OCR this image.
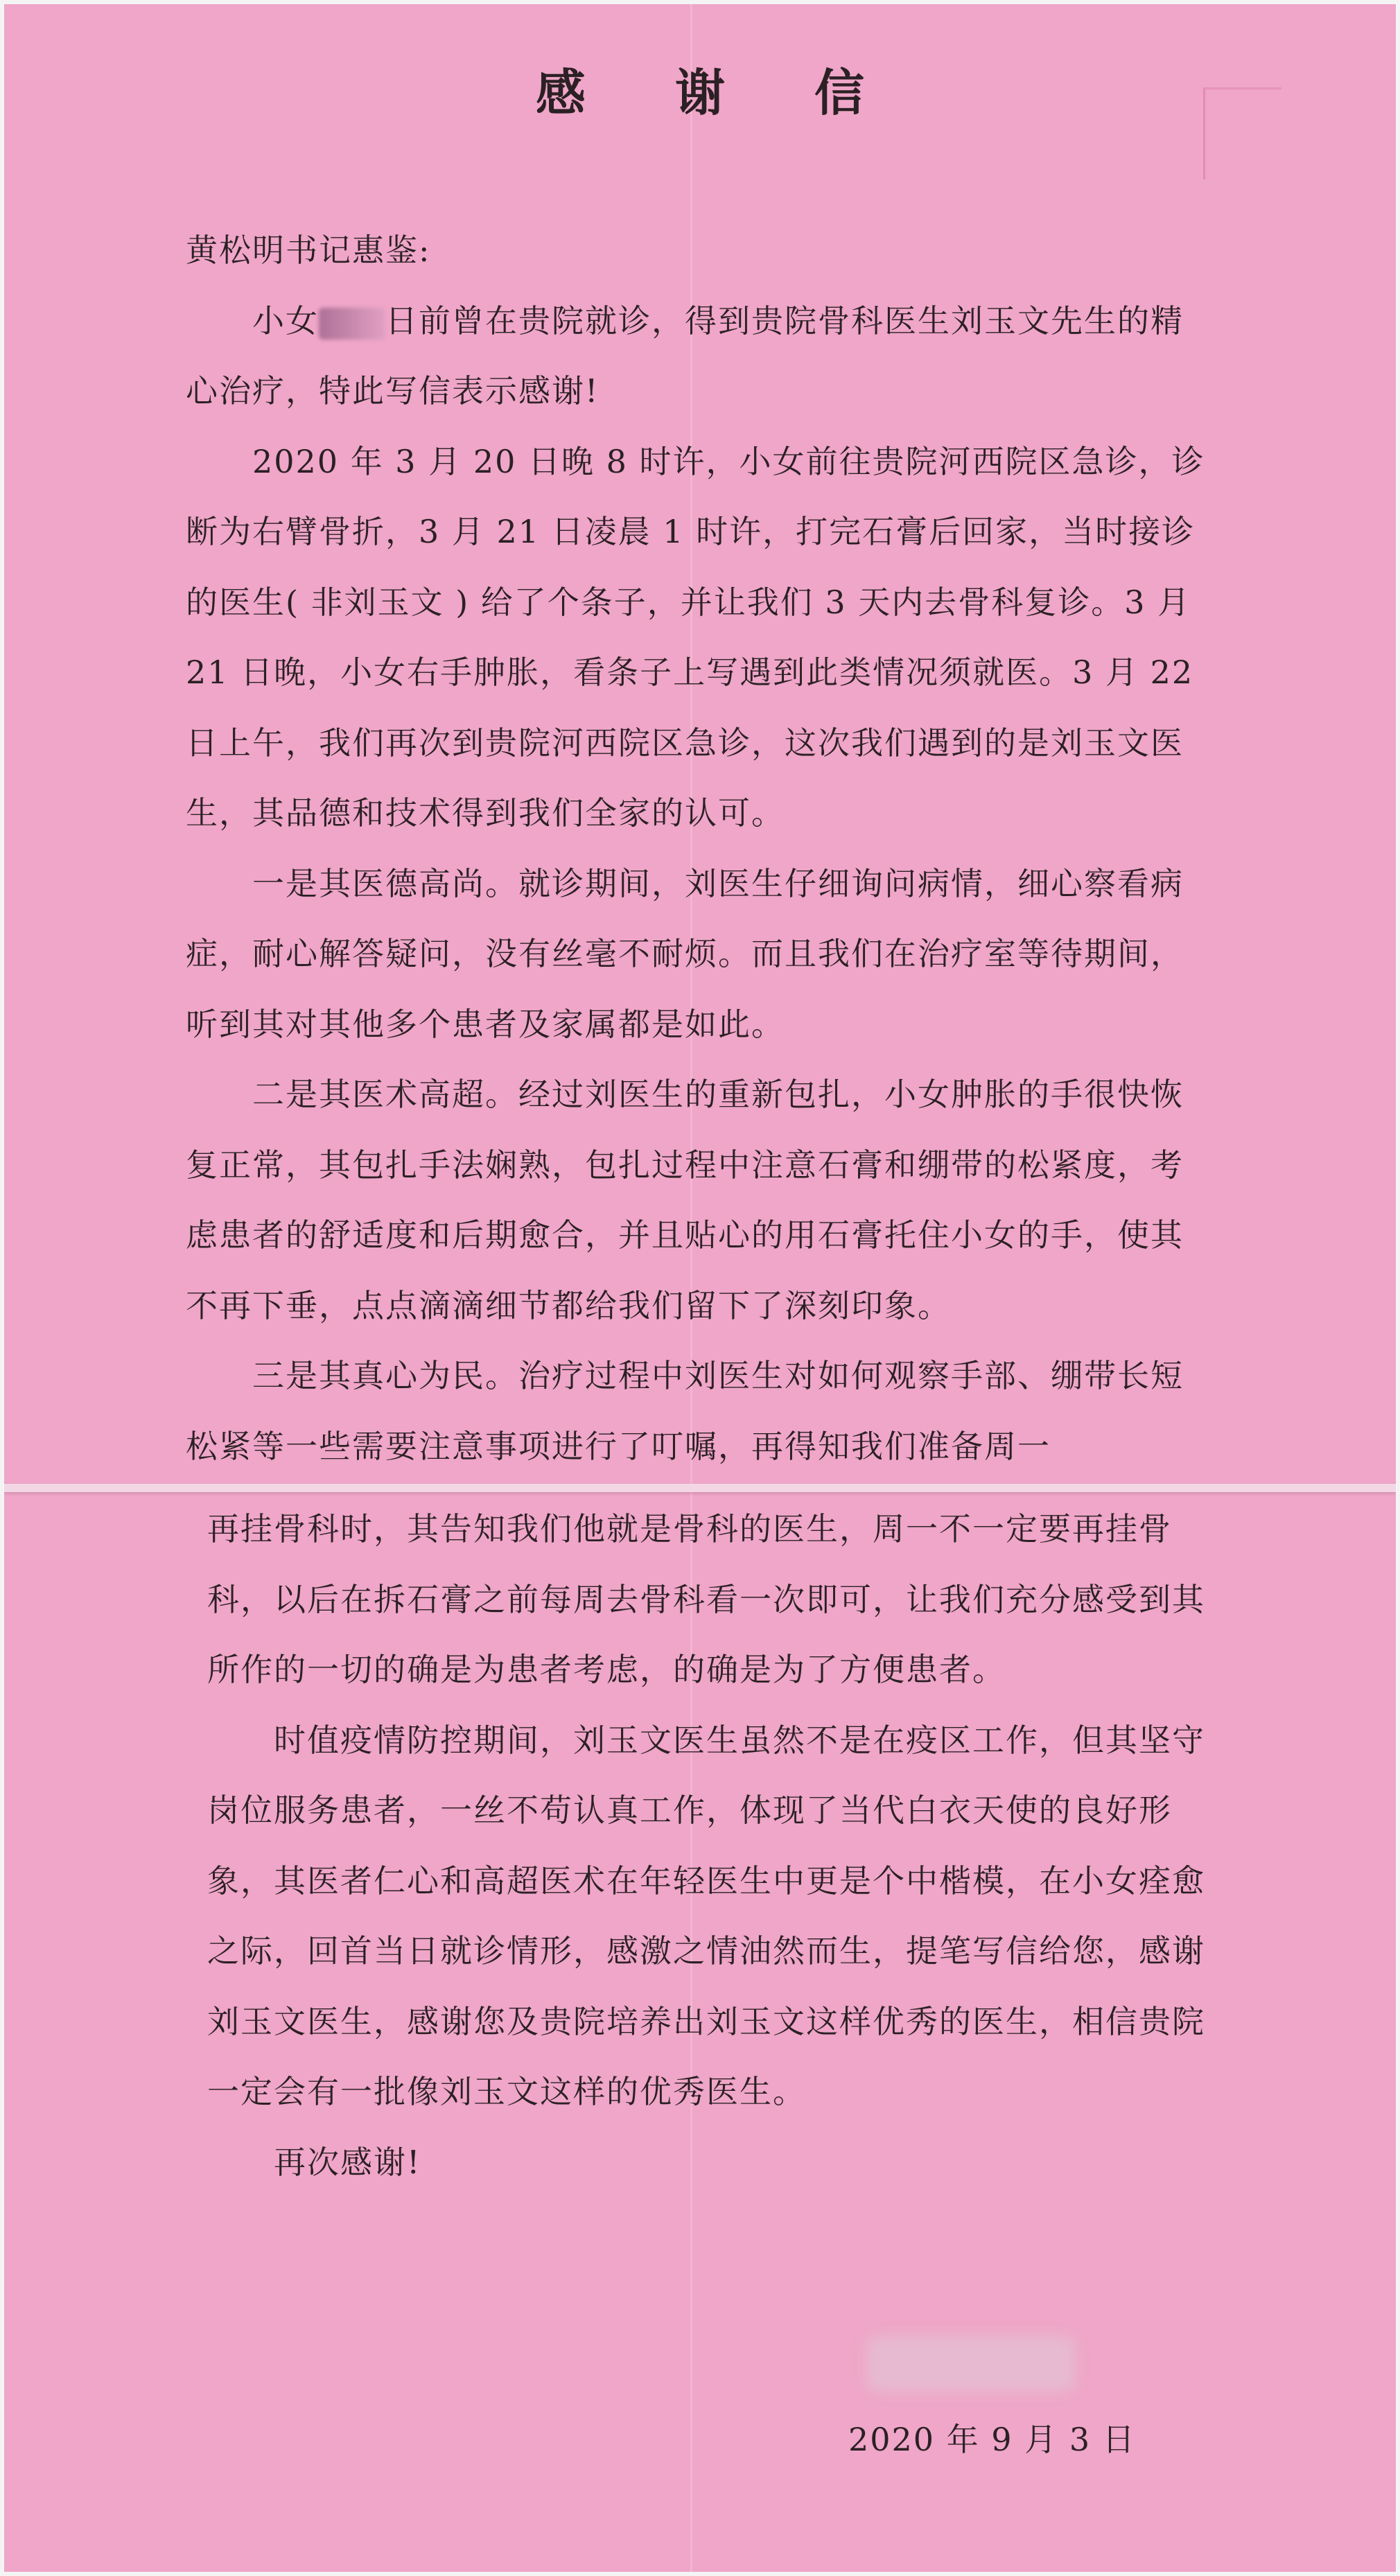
感 谢 信

黄松明书记惠鉴:

小女 日前曾在贵院就诊，得到贵院骨科医生刘玉文先生的精心治疗，特此写信表示感谢!

2020 年 3 月 20 日晚 8 时许，小女前往贵院河西院区急诊，诊断为右臂骨折，3 月 21 日凌晨 1 时许，打完石膏后回家，当时接诊的医生( 非刘玉文 ) 给了个条子，并让我们 3 天内去骨科复诊。3 月 21 日晚，小女右手肿胀，看条子上写遇到此类情况须就医。3 月 22 日上午，我们再次到贵院河西院区急诊，这次我们遇到的是刘玉文医生，其品德和技术得到我们全家的认可。

一是其医德高尚。就诊期间，刘医生仔细询问病情，细心察看病症，耐心解答疑问，没有丝毫不耐烦。而且我们在治疗室等待期间，听到其对其他多个患者及家属都是如此。

二是其医术高超。经过刘医生的重新包扎，小女肿胀的手很快恢复正常，其包扎手法娴熟，包扎过程中注意石膏和绷带的松紧度，考虑患者的舒适度和后期愈合，并且贴心的用石膏托住小女的手，使其不再下垂，点点滴滴细节都给我们留下了深刻印象。

三是其真心为民。治疗过程中刘医生对如何观察手部、绷带长短松紧等一些需要注意事项进行了叮嘱，再得知我们准备周一

再挂骨科时，其告知我们他就是骨科的医生，周一不一定要再挂骨科，以后在拆石膏之前每周去骨科看一次即可，让我们充分感受到其所作的一切的确是为患者考虑，的确是为了方便患者。

时值疫情防控期间，刘玉文医生虽然不是在疫区工作，但其坚守岗位服务患者，一丝不苟认真工作，体现了当代白衣天使的良好形象，其医者仁心和高超医术在年轻医生中更是个中楷模，在小女痊愈之际，回首当日就诊情形，感激之情油然而生，提笔写信给您，感谢刘玉文医生，感谢您及贵院培养出刘玉文这样优秀的医生，相信贵院一定会有一批像刘玉文这样的优秀医生。

再次感谢!

2020 年 9 月 3 日
